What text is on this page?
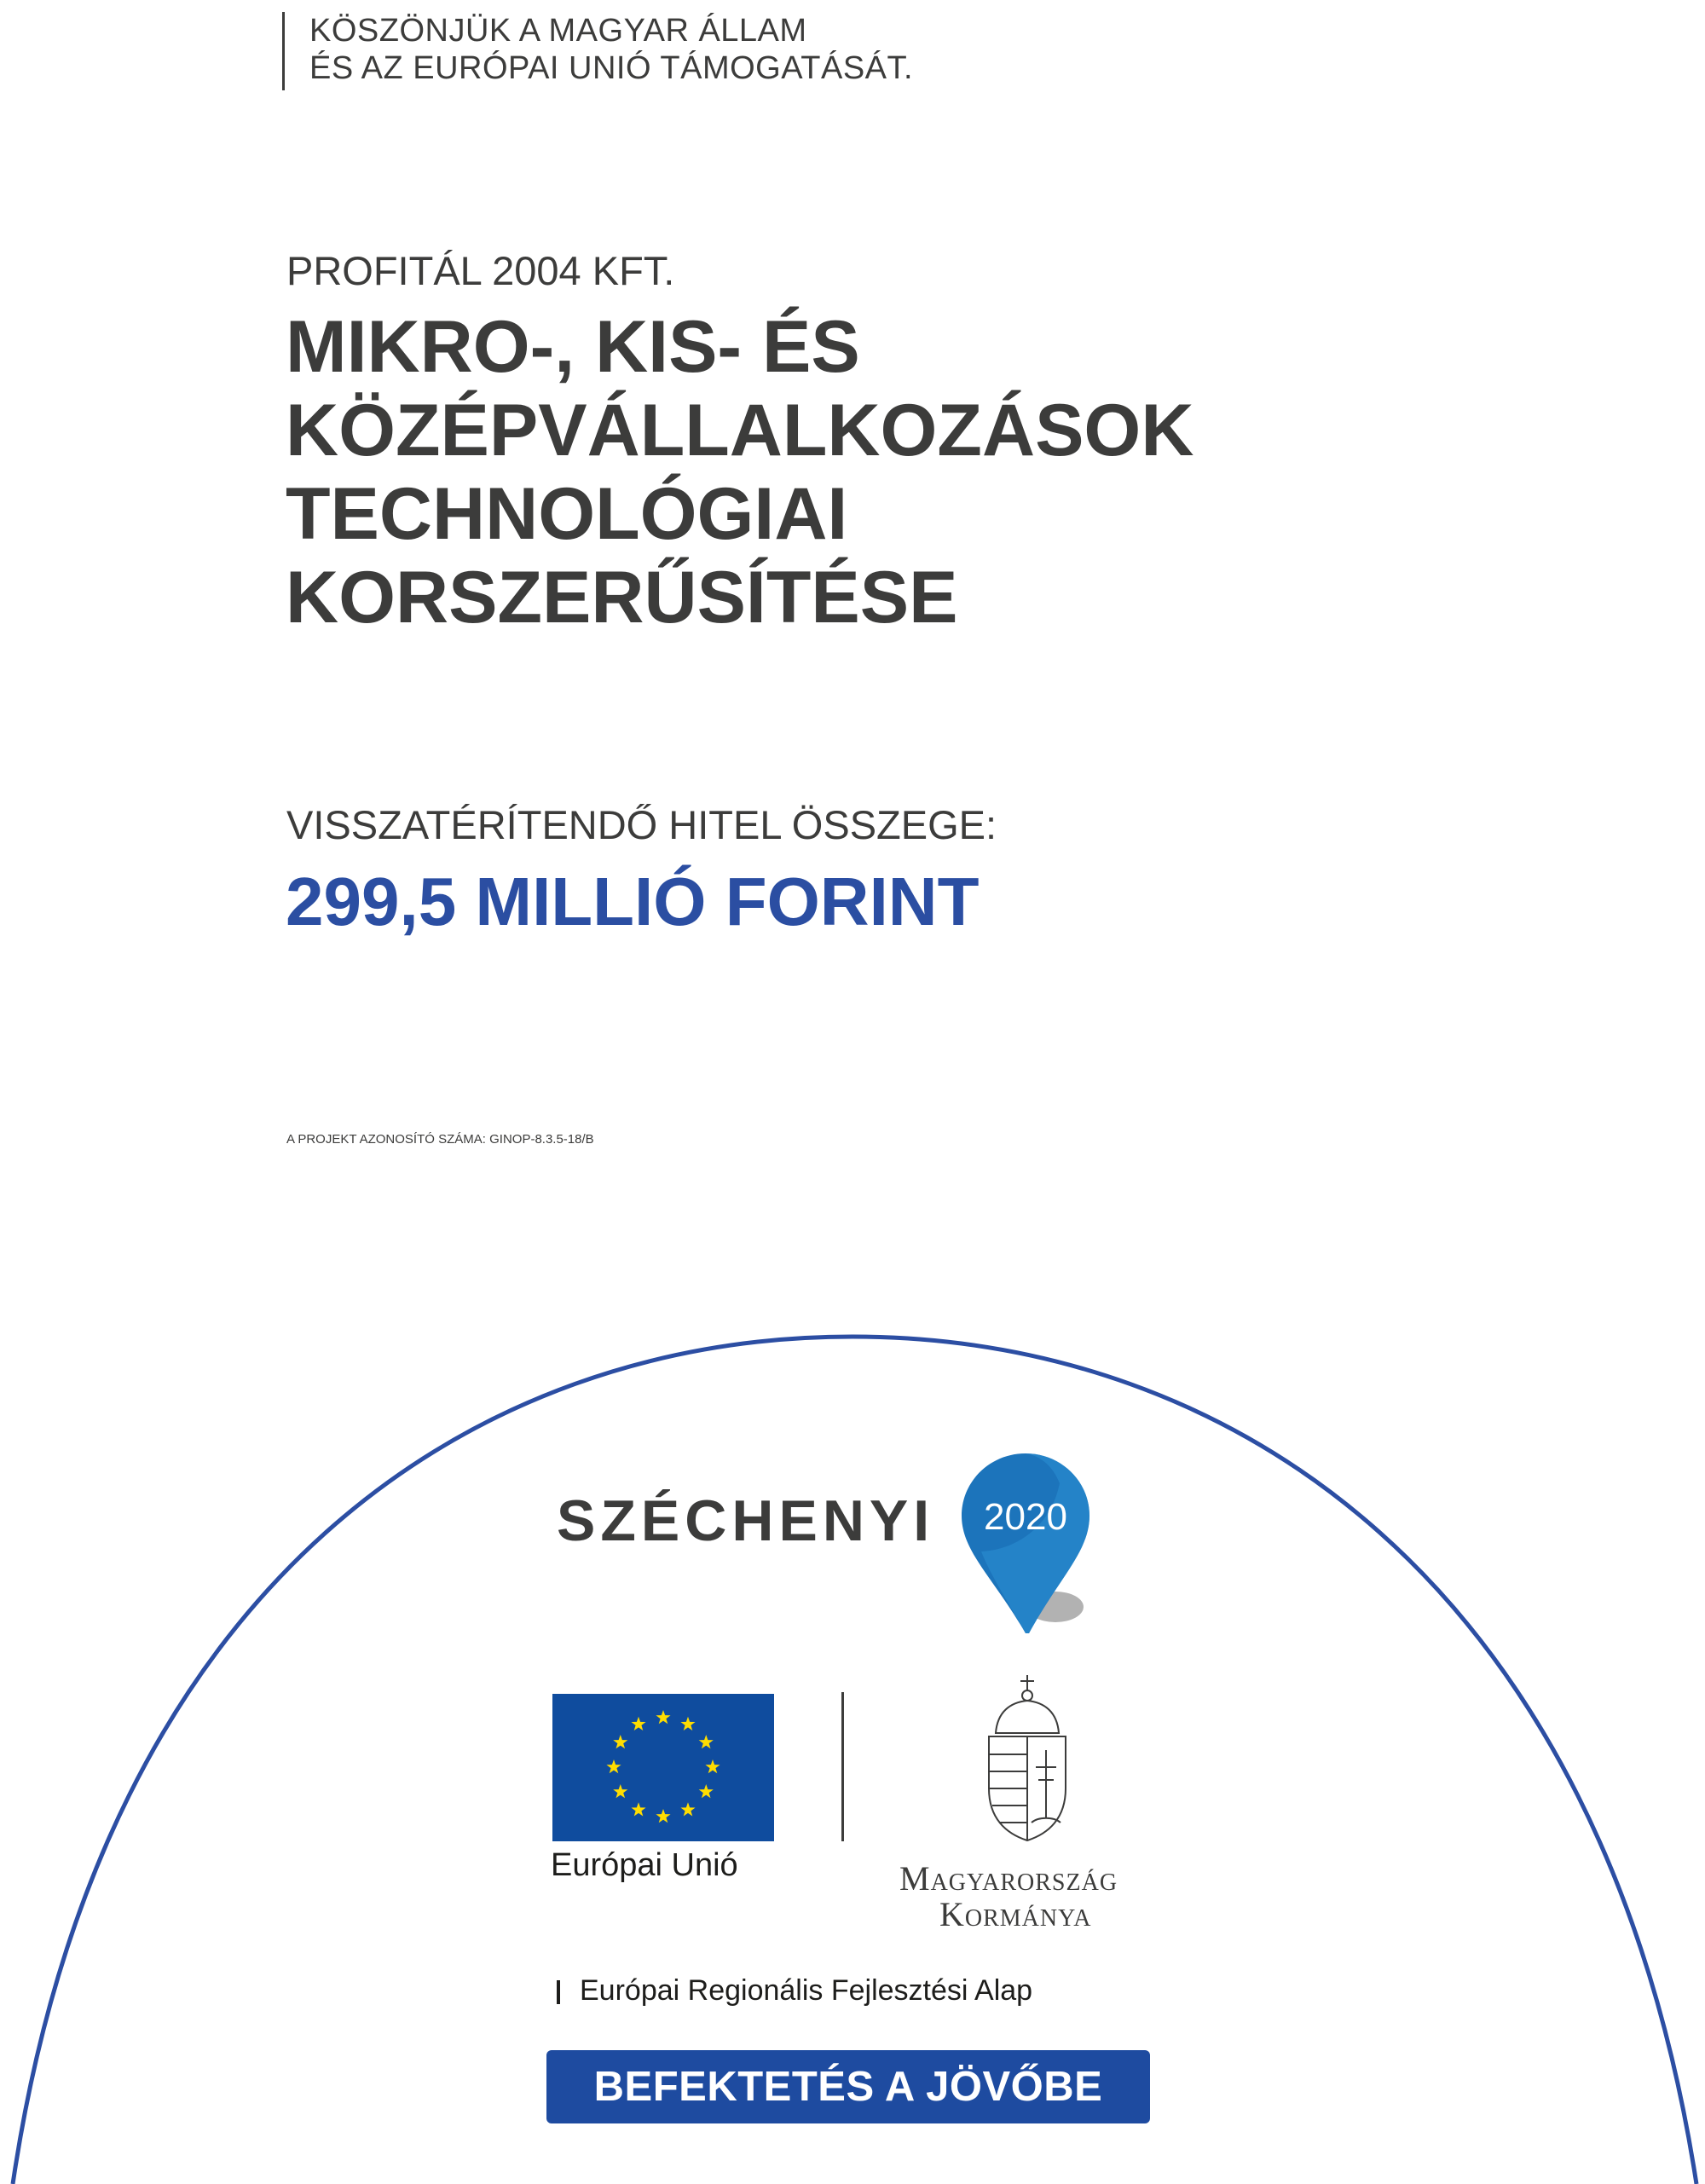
KÖSZÖNJÜK A MAGYAR ÁLLAM
ÉS AZ EURÓPAI UNIÓ TÁMOGATÁSÁT.
PROFITÁL 2004 KFT.
MIKRO-, KIS- ÉS
KÖZÉPVÁLLALKOZÁSOK
TECHNOLÓGIAI
KORSZERŰSÍTÉSE
VISSZATÉRÍTENDŐ HITEL ÖSSZEGE:
299,5 MILLIÓ FORINT
A PROJEKT AZONOSÍTÓ SZÁMA: GINOP-8.3.5-18/B
2020
SZÉCHENYI
Európai Unió	Magyarország
Kormánya
Európai Regionális Fejlesztési Alap
BEFEKTETÉS A JÖVŐBE
